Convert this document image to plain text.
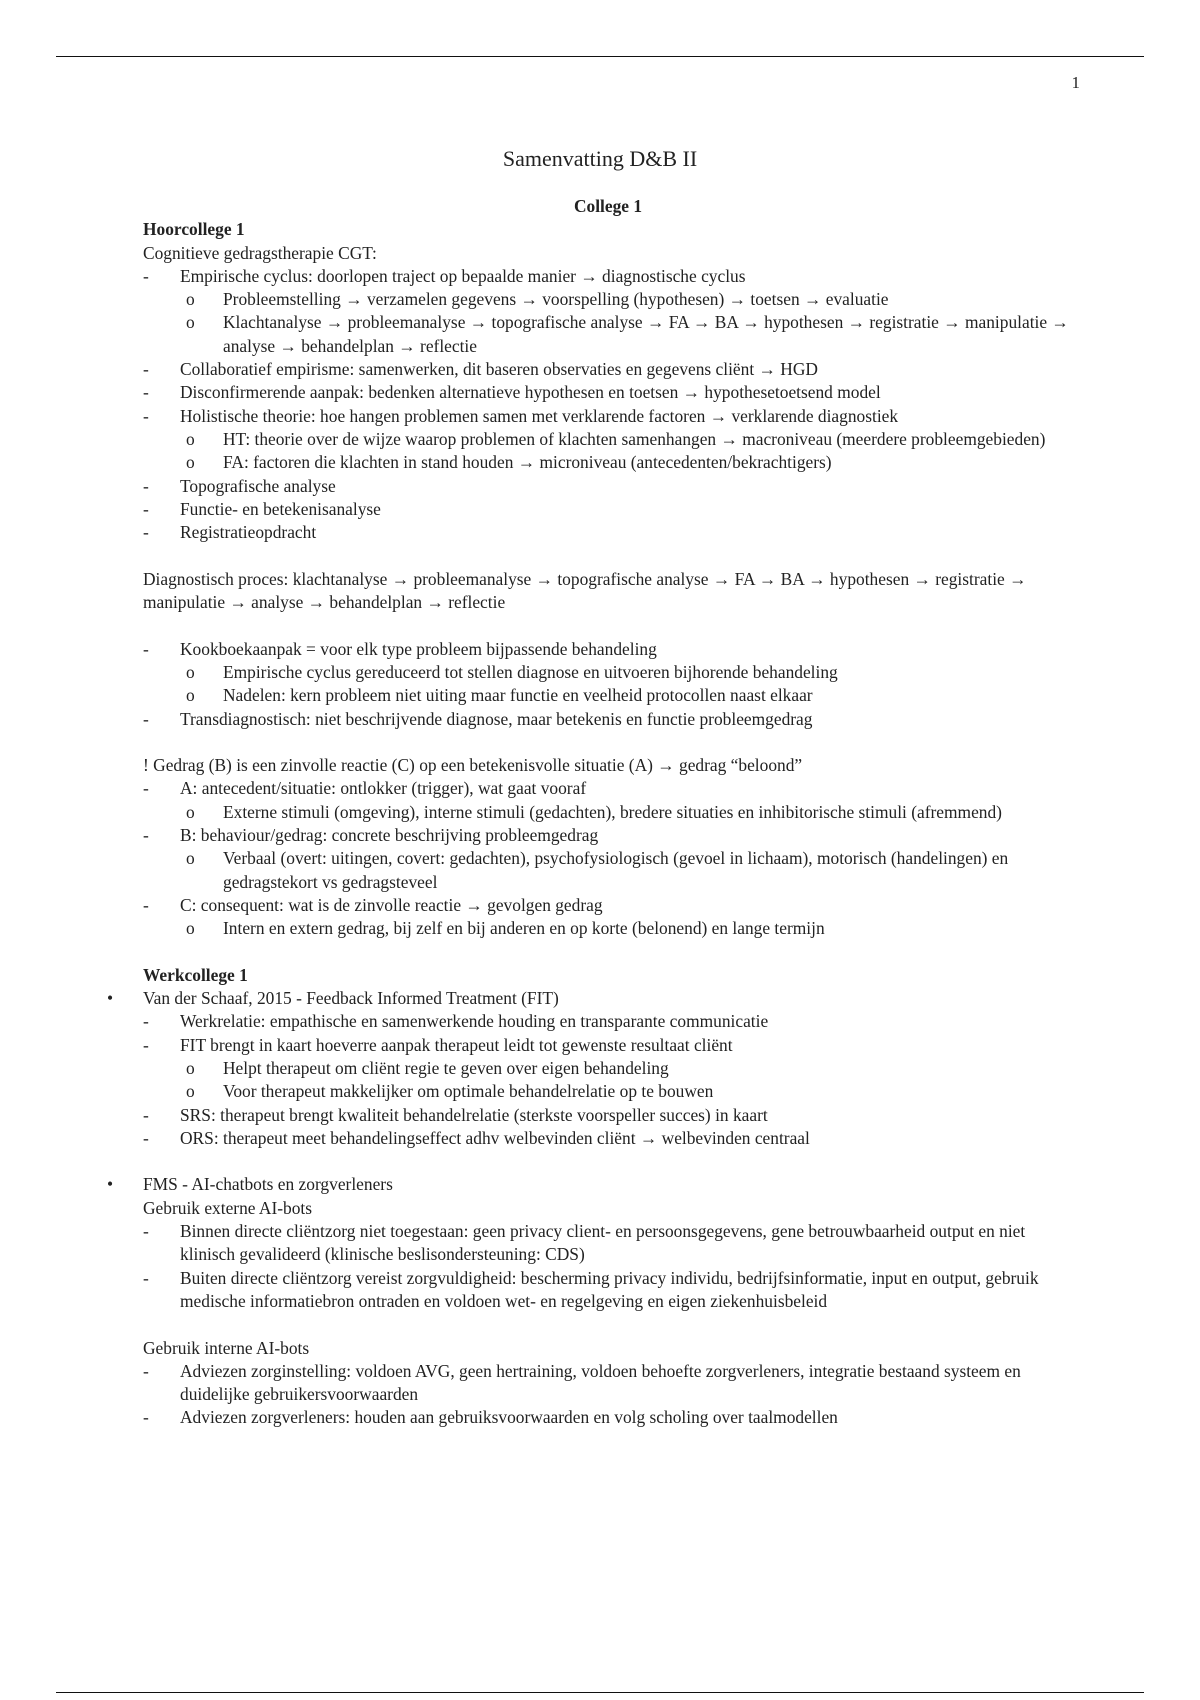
1
Samenvatting D&B II
College 1
Hoorcollege 1
Cognitieve gedragstherapie CGT:
- Empirische cyclus: doorlopen traject op bepaalde manier → diagnostische cyclus
o Probleemstelling → verzamelen gegevens → voorspelling (hypothesen) → toetsen → evaluatie
o Klachtanalyse → probleemanalyse → topografische analyse → FA → BA → hypothesen → registratie → manipulatie → analyse → behandelplan → reflectie
- Collaboratief empirisme: samenwerken, dit baseren observaties en gegevens cliënt → HGD
- Disconfirmerende aanpak: bedenken alternatieve hypothesen en toetsen → hypothesetoetsend model
- Holistische theorie: hoe hangen problemen samen met verklarende factoren → verklarende diagnostiek
o HT: theorie over de wijze waarop problemen of klachten samenhangen → macroniveau (meerdere probleemgebieden)
o FA: factoren die klachten in stand houden → microniveau (antecedenten/bekrachtigers)
- Topografische analyse
- Functie- en betekenisanalyse
- Registratieopdracht
Diagnostisch proces: klachtanalyse → probleemanalyse → topografische analyse → FA → BA → hypothesen → registratie → manipulatie → analyse → behandelplan → reflectie
- Kookboekaanpak = voor elk type probleem bijpassende behandeling
o Empirische cyclus gereduceerd tot stellen diagnose en uitvoeren bijhorende behandeling
o Nadelen: kern probleem niet uiting maar functie en veelheid protocollen naast elkaar
- Transdiagnostisch: niet beschrijvende diagnose, maar betekenis en functie probleemgedrag
! Gedrag (B) is een zinvolle reactie (C) op een betekenisvolle situatie (A) → gedrag “beloond”
- A: antecedent/situatie: ontlokker (trigger), wat gaat vooraf
o Externe stimuli (omgeving), interne stimuli (gedachten), bredere situaties en inhibitorische stimuli (afremmend)
- B: behaviour/gedrag: concrete beschrijving probleemgedrag
o Verbaal (overt: uitingen, covert: gedachten), psychofysiologisch (gevoel in lichaam), motorisch (handelingen) en gedragstekort vs gedragsteveel
- C: consequent: wat is de zinvolle reactie → gevolgen gedrag
o Intern en extern gedrag, bij zelf en bij anderen en op korte (belonend) en lange termijn
Werkcollege 1
• Van der Schaaf, 2015 - Feedback Informed Treatment (FIT)
- Werkrelatie: empathische en samenwerkende houding en transparante communicatie
- FIT brengt in kaart hoeverre aanpak therapeut leidt tot gewenste resultaat cliënt
o Helpt therapeut om cliënt regie te geven over eigen behandeling
o Voor therapeut makkelijker om optimale behandelrelatie op te bouwen
- SRS: therapeut brengt kwaliteit behandelrelatie (sterkste voorspeller succes) in kaart
- ORS: therapeut meet behandelingseffect adhv welbevinden cliënt → welbevinden centraal
• FMS - AI-chatbots en zorgverleners
Gebruik externe AI-bots
- Binnen directe cliëntzorg niet toegestaan: geen privacy client- en persoonsgegevens, gene betrouwbaarheid output en niet klinisch gevalideerd (klinische beslisondersteuning: CDS)
- Buiten directe cliëntzorg vereist zorgvuldigheid: bescherming privacy individu, bedrijfsinformatie, input en output, gebruik medische informatiebron ontraden en voldoen wet- en regelgeving en eigen ziekenhuisbeleid
Gebruik interne AI-bots
- Adviezen zorginstelling: voldoen AVG, geen hertraining, voldoen behoefte zorgverleners, integratie bestaand systeem en duidelijke gebruikersvoorwaarden
- Adviezen zorgverleners: houden aan gebruiksvoorwaarden en volg scholing over taalmodellen
